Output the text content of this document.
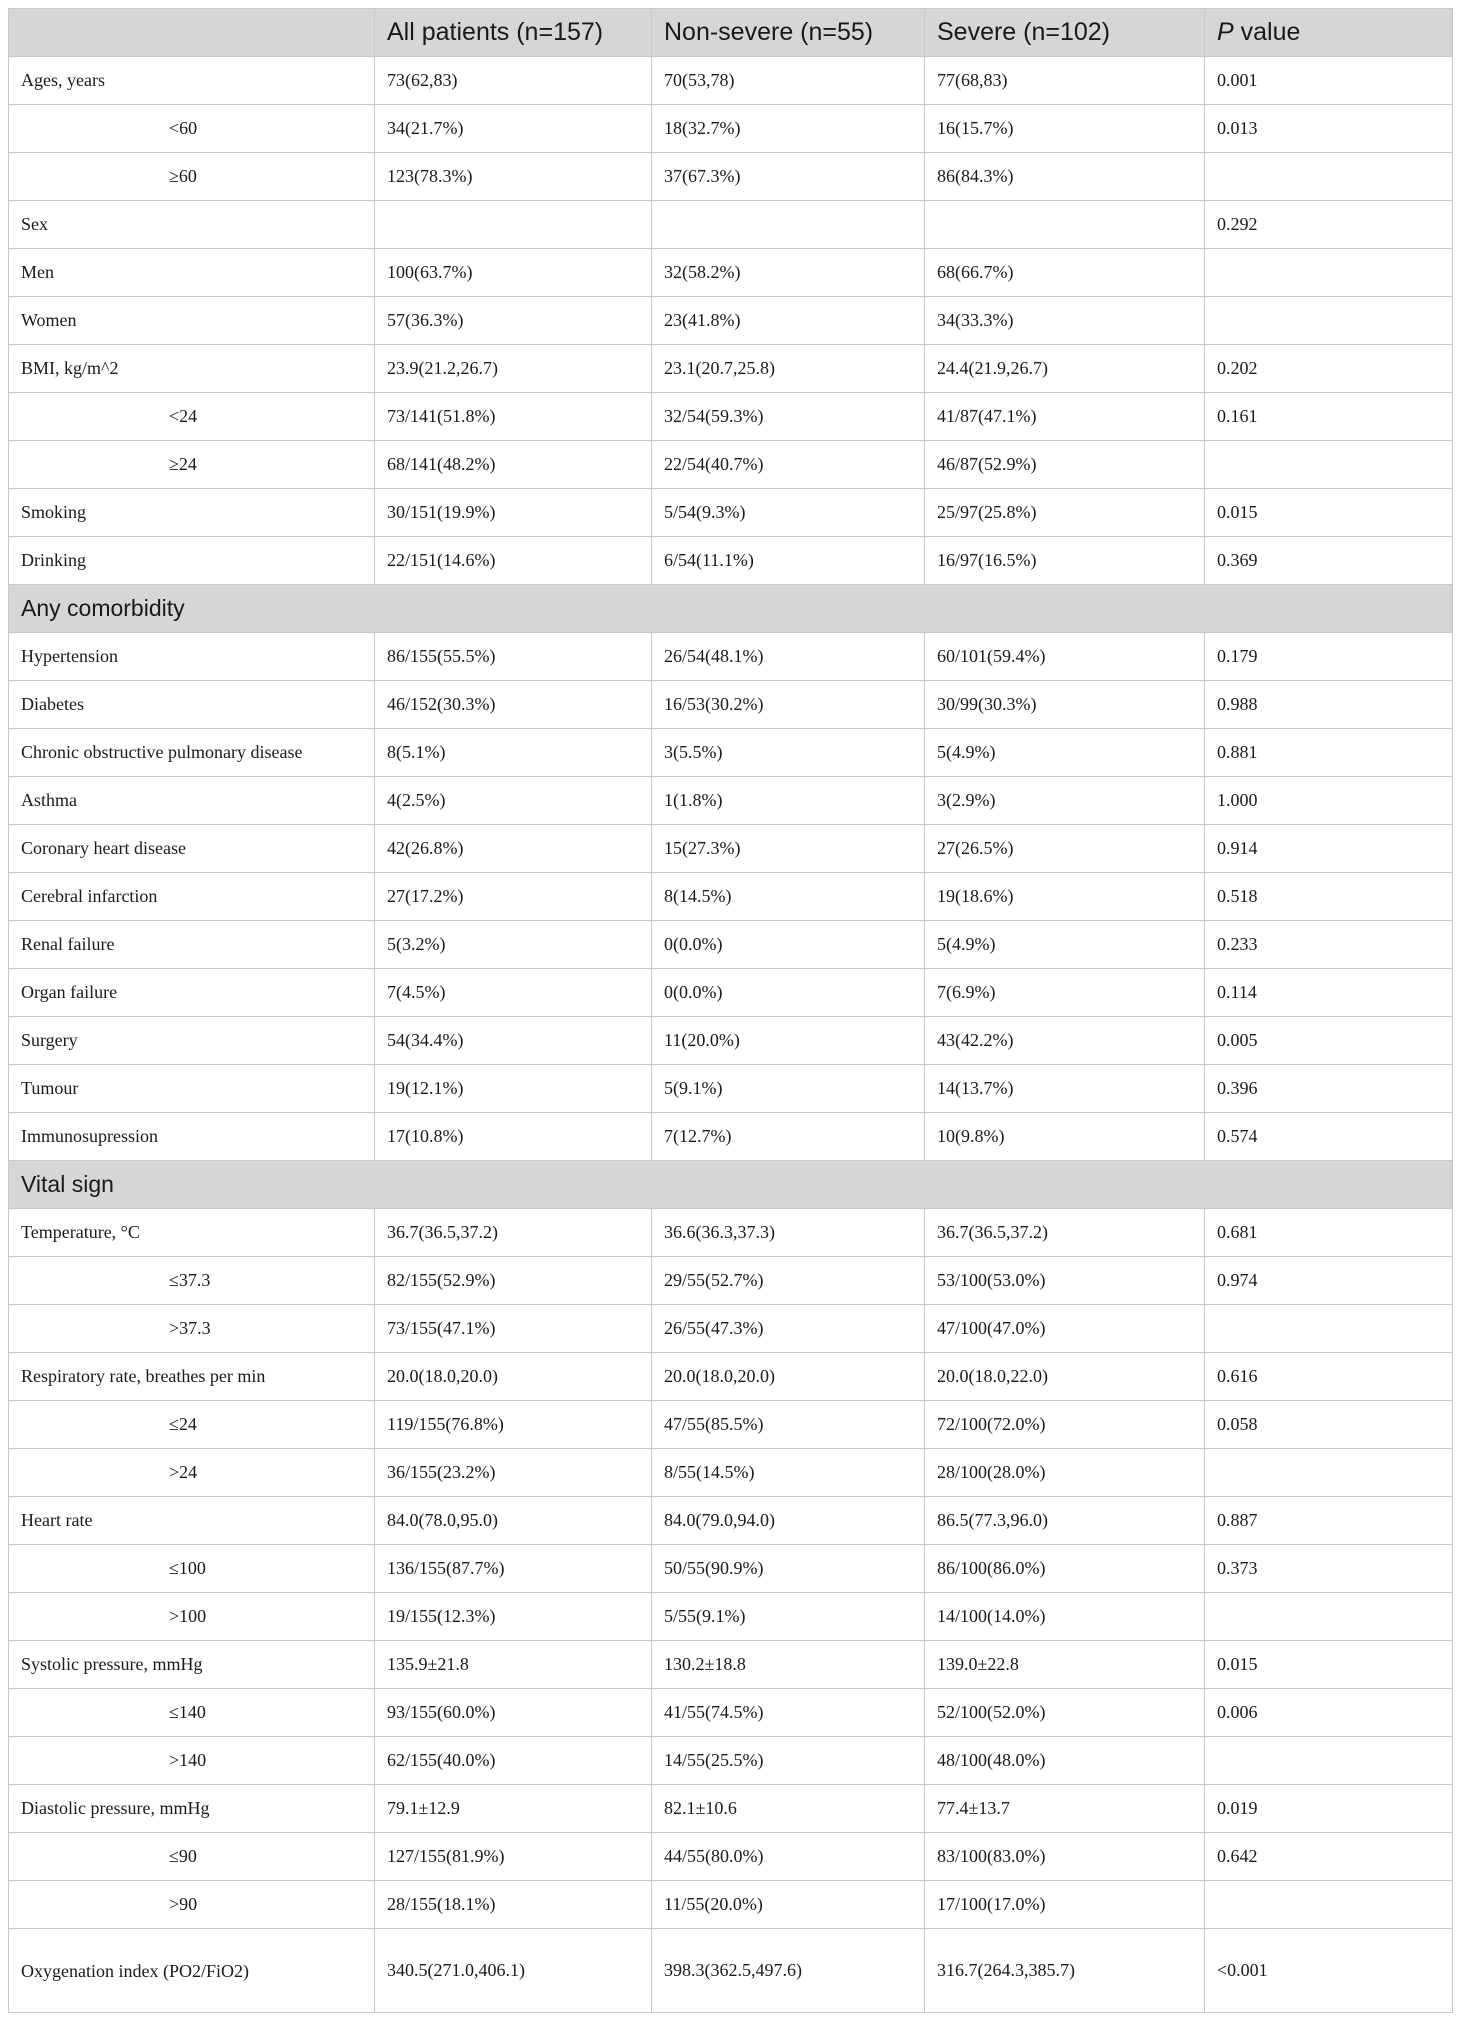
	All patients (n=157)	Non-severe (n=55)	Severe (n=102)	P value
Ages, years	73(62,83)	70(53,78)	77(68,83)	0.001
<60	34(21.7%)	18(32.7%)	16(15.7%)	0.013
≥60	123(78.3%)	37(67.3%)	86(84.3%)	
Sex				0.292
Men	100(63.7%)	32(58.2%)	68(66.7%)	
Women	57(36.3%)	23(41.8%)	34(33.3%)	
BMI, kg/m^2	23.9(21.2,26.7)	23.1(20.7,25.8)	24.4(21.9,26.7)	0.202
<24	73/141(51.8%)	32/54(59.3%)	41/87(47.1%)	0.161
≥24	68/141(48.2%)	22/54(40.7%)	46/87(52.9%)	
Smoking	30/151(19.9%)	5/54(9.3%)	25/97(25.8%)	0.015
Drinking	22/151(14.6%)	6/54(11.1%)	16/97(16.5%)	0.369
Any comorbidity				
Hypertension	86/155(55.5%)	26/54(48.1%)	60/101(59.4%)	0.179
Diabetes	46/152(30.3%)	16/53(30.2%)	30/99(30.3%)	0.988
Chronic obstructive pulmonary disease	8(5.1%)	3(5.5%)	5(4.9%)	0.881
Asthma	4(2.5%)	1(1.8%)	3(2.9%)	1.000
Coronary heart disease	42(26.8%)	15(27.3%)	27(26.5%)	0.914
Cerebral infarction	27(17.2%)	8(14.5%)	19(18.6%)	0.518
Renal failure	5(3.2%)	0(0.0%)	5(4.9%)	0.233
Organ failure	7(4.5%)	0(0.0%)	7(6.9%)	0.114
Surgery	54(34.4%)	11(20.0%)	43(42.2%)	0.005
Tumour	19(12.1%)	5(9.1%)	14(13.7%)	0.396
Immunosupression	17(10.8%)	7(12.7%)	10(9.8%)	0.574
Vital sign				
Temperature, °C	36.7(36.5,37.2)	36.6(36.3,37.3)	36.7(36.5,37.2)	0.681
≤37.3	82/155(52.9%)	29/55(52.7%)	53/100(53.0%)	0.974
>37.3	73/155(47.1%)	26/55(47.3%)	47/100(47.0%)	
Respiratory rate, breathes per min	20.0(18.0,20.0)	20.0(18.0,20.0)	20.0(18.0,22.0)	0.616
≤24	119/155(76.8%)	47/55(85.5%)	72/100(72.0%)	0.058
>24	36/155(23.2%)	8/55(14.5%)	28/100(28.0%)	
Heart rate	84.0(78.0,95.0)	84.0(79.0,94.0)	86.5(77.3,96.0)	0.887
≤100	136/155(87.7%)	50/55(90.9%)	86/100(86.0%)	0.373
>100	19/155(12.3%)	5/55(9.1%)	14/100(14.0%)	
Systolic pressure, mmHg	135.9±21.8	130.2±18.8	139.0±22.8	0.015
≤140	93/155(60.0%)	41/55(74.5%)	52/100(52.0%)	0.006
>140	62/155(40.0%)	14/55(25.5%)	48/100(48.0%)	
Diastolic pressure, mmHg	79.1±12.9	82.1±10.6	77.4±13.7	0.019
≤90	127/155(81.9%)	44/55(80.0%)	83/100(83.0%)	0.642
>90	28/155(18.1%)	11/55(20.0%)	17/100(17.0%)	
Oxygenation index (PO2/FiO2)	340.5(271.0,406.1)	398.3(362.5,497.6)	316.7(264.3,385.7)	<0.001
